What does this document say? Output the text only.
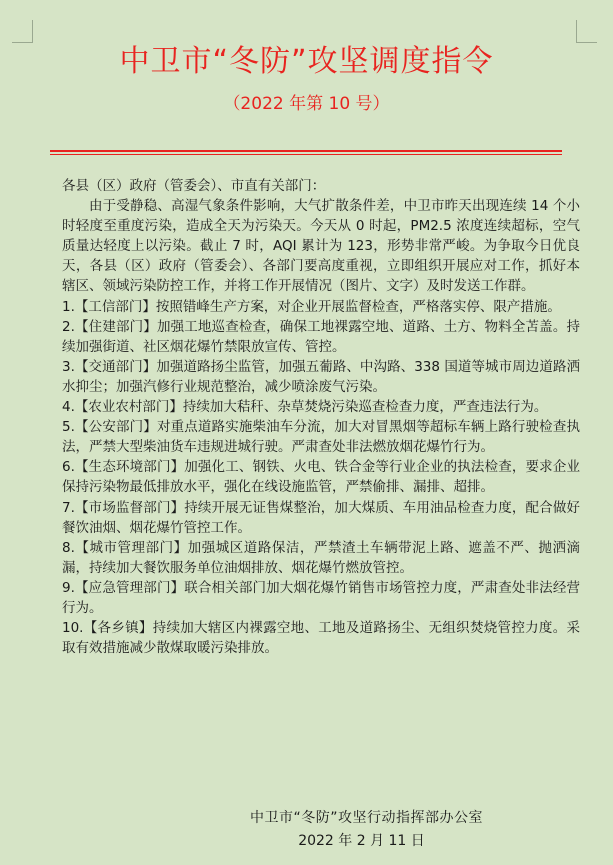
中卫市“冬防”攻坚调度指令
（2022 年第 10 号）

各县（区）政府（管委会）、市直有关部门：

由于受静稳、高湿气象条件影响，大气扩散条件差，中卫市昨天出现连续 14 个小时轻度至重度污染，造成全天为污染天。今天从 0 时起，PM2.5 浓度连续超标，空气质量达轻度上以污染。截止 7 时，AQI 累计为 123，形势非常严峻。为争取今日优良天，各县（区）政府（管委会）、各部门要高度重视，立即组织开展应对工作，抓好本辖区、领域污染防控工作，并将工作开展情况（图片、文字）及时发送工作群。

1.【工信部门】按照错峰生产方案，对企业开展监督检查，严格落实停、限产措施。

2.【住建部门】加强工地巡查检查，确保工地裸露空地、道路、土方、物料全苫盖。持续加强街道、社区烟花爆竹禁限放宣传、管控。

3.【交通部门】加强道路扬尘监管，加强五葡路、中沟路、338 国道等城市周边道路洒水抑尘；加强汽修行业规范整治，减少喷涂废气污染。

4.【农业农村部门】持续加大秸秆、杂草焚烧污染巡查检查力度，严查违法行为。

5.【公安部门】对重点道路实施柴油车分流，加大对冒黑烟等超标车辆上路行驶检查执法，严禁大型柴油货车违规进城行驶。严肃查处非法燃放烟花爆竹行为。

6.【生态环境部门】加强化工、钢铁、火电、铁合金等行业企业的执法检查，要求企业保持污染物最低排放水平，强化在线设施监管，严禁偷排、漏排、超排。

7.【市场监督部门】持续开展无证售煤整治，加大煤质、车用油品检查力度，配合做好餐饮油烟、烟花爆竹管控工作。

8.【城市管理部门】加强城区道路保洁，严禁渣土车辆带泥上路、遮盖不严、抛洒滴漏，持续加大餐饮服务单位油烟排放、烟花爆竹燃放管控。

9.【应急管理部门】联合相关部门加大烟花爆竹销售市场管控力度，严肃查处非法经营行为。

10.【各乡镇】持续加大辖区内裸露空地、工地及道路扬尘、无组织焚烧管控力度。采取有效措施减少散煤取暖污染排放。

中卫市“冬防”攻坚行动指挥部办公室
2022 年 2 月 11 日
